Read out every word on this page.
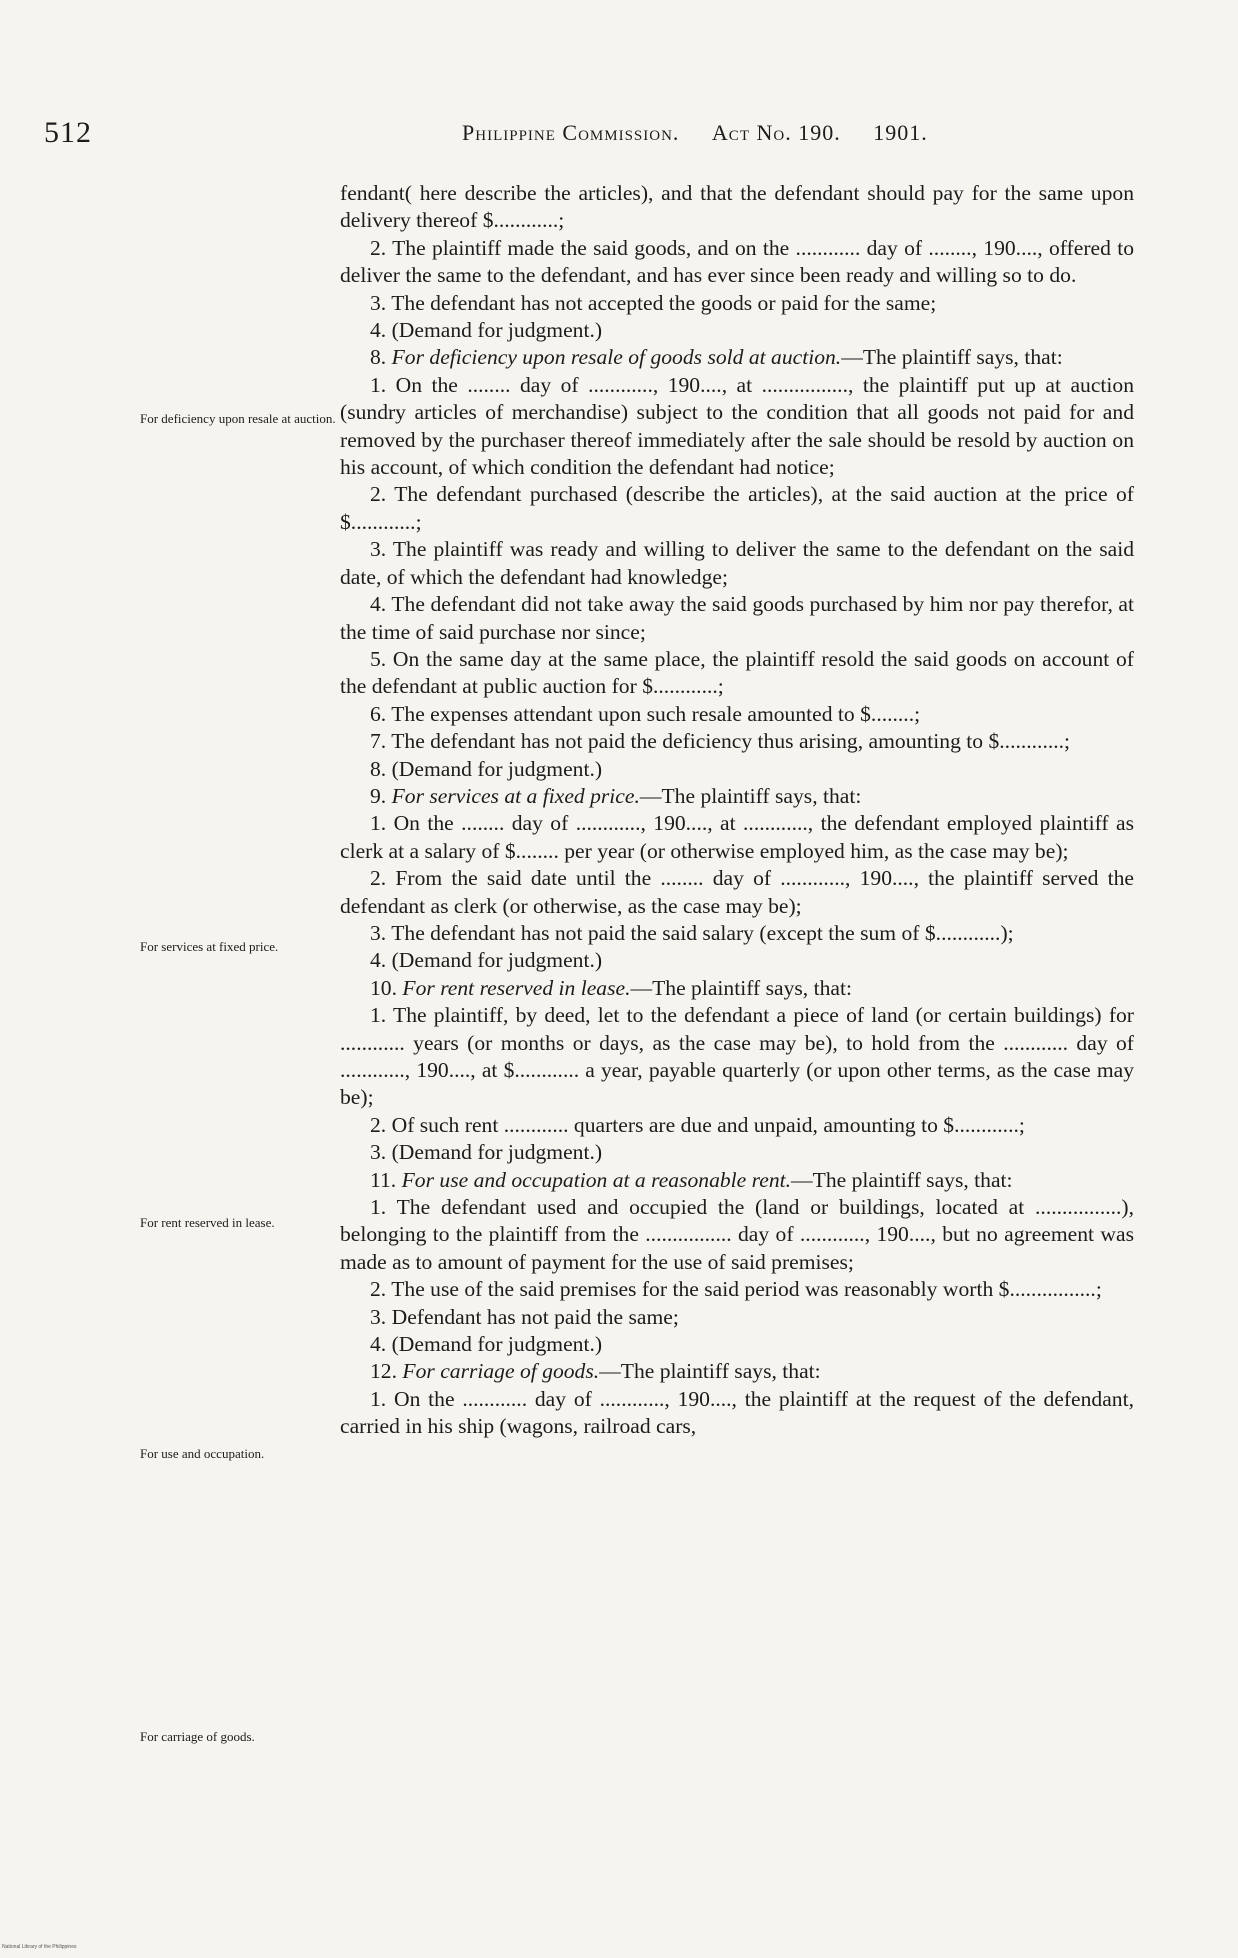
512	Philippine Commission. Act No. 190. 1901.
For deficiency upon resale at auction.
For services at fixed price.
For rent reserved in lease.
For use and occupation.
For carriage of goods.

fendant( here describe the articles), and that the defendant should pay for the same upon delivery thereof $............;

2. The plaintiff made the said goods, and on the ............ day of ........, 190...., offered to deliver the same to the defendant, and has ever since been ready and willing so to do.

3. The defendant has not accepted the goods or paid for the same;

4. (Demand for judgment.)

8. For deficiency upon resale of goods sold at auction.—The plaintiff says, that:

1. On the ........ day of ............, 190...., at ................, the plaintiff put up at auction (sundry articles of merchandise) subject to the condition that all goods not paid for and removed by the purchaser thereof immediately after the sale should be resold by auction on his account, of which condition the defendant had notice;

2. The defendant purchased (describe the articles), at the said auction at the price of $............;

3. The plaintiff was ready and willing to deliver the same to the defendant on the said date, of which the defendant had knowledge;

4. The defendant did not take away the said goods purchased by him nor pay therefor, at the time of said purchase nor since;

5. On the same day at the same place, the plaintiff resold the said goods on account of the defendant at public auction for $............;

6. The expenses attendant upon such resale amounted to $........;

7. The defendant has not paid the deficiency thus arising, amounting to $............;

8. (Demand for judgment.)

9. For services at a fixed price.—The plaintiff says, that:

1. On the ........ day of ............, 190...., at ............, the defendant employed plaintiff as clerk at a salary of $........ per year (or otherwise employed him, as the case may be);

2. From the said date until the ........ day of ............, 190...., the plaintiff served the defendant as clerk (or otherwise, as the case may be);

3. The defendant has not paid the said salary (except the sum of $............);

4. (Demand for judgment.)

10. For rent reserved in lease.—The plaintiff says, that:

1. The plaintiff, by deed, let to the defendant a piece of land (or certain buildings) for ............ years (or months or days, as the case may be), to hold from the ............ day of ............, 190...., at $............ a year, payable quarterly (or upon other terms, as the case may be);

2. Of such rent ............ quarters are due and unpaid, amounting to $............;

3. (Demand for judgment.)

11. For use and occupation at a reasonable rent.—The plaintiff says, that:

1. The defendant used and occupied the (land or buildings, located at ................), belonging to the plaintiff from the ................ day of ............, 190...., but no agreement was made as to amount of payment for the use of said premises;

2. The use of the said premises for the said period was reasonably worth $................;

3. Defendant has not paid the same;

4. (Demand for judgment.)

12. For carriage of goods.—The plaintiff says, that:

1. On the ............ day of ............, 190...., the plaintiff at the request of the defendant, carried in his ship (wagons, railroad cars,

National Library of the Philippines
